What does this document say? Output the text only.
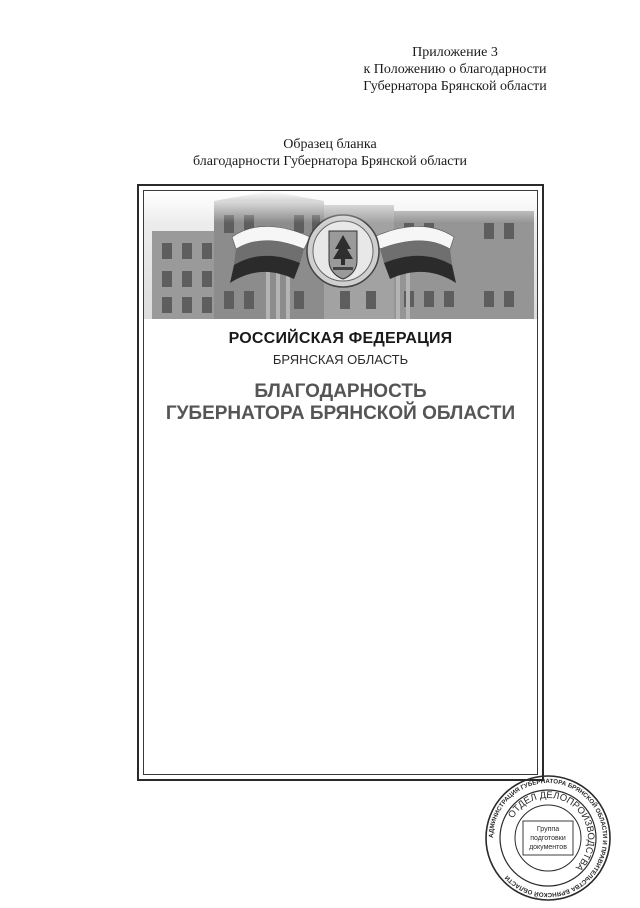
Приложение 3
к Положению о благодарности
Губернатора Брянской области
Образец бланка
благодарности Губернатора Брянской области
РОССИЙСКАЯ ФЕДЕРАЦИЯ
БРЯНСКАЯ ОБЛАСТЬ
БЛАГОДАРНОСТЬ
ГУБЕРНАТОРА БРЯНСКОЙ ОБЛАСТИ
АДМИНИСТРАЦИЯ ГУБЕРНАТОРА БРЯНСКОЙ ОБЛАСТИ И ПРАВИТЕЛЬСТВА БРЯНСКОЙ ОБЛАСТИ
ОТДЕЛ ДЕЛОПРОИЗВОДСТВА
Группа
подготовки
документов
